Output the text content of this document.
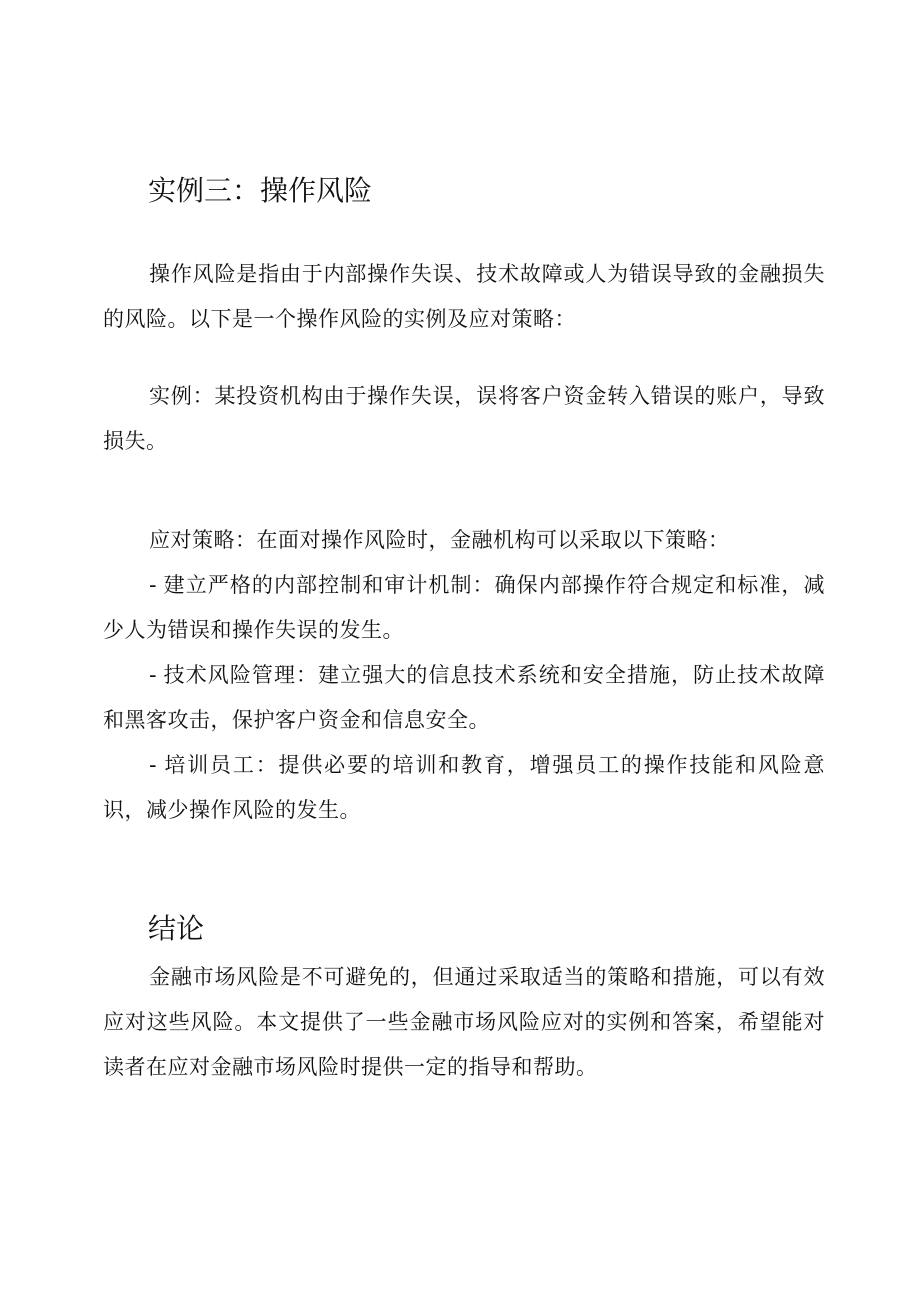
实例三：操作风险

操作风险是指由于内部操作失误、技术故障或人为错误导致的金融损失的风险。以下是一个操作风险的实例及应对策略：

实例：某投资机构由于操作失误，误将客户资金转入错误的账户，导致损失。

应对策略：在面对操作风险时，金融机构可以采取以下策略：

- 建立严格的内部控制和审计机制：确保内部操作符合规定和标准，减少人为错误和操作失误的发生。

- 技术风险管理：建立强大的信息技术系统和安全措施，防止技术故障和黑客攻击，保护客户资金和信息安全。

- 培训员工：提供必要的培训和教育，增强员工的操作技能和风险意识，减少操作风险的发生。

结论

金融市场风险是不可避免的，但通过采取适当的策略和措施，可以有效应对这些风险。本文提供了一些金融市场风险应对的实例和答案，希望能对读者在应对金融市场风险时提供一定的指导和帮助。
